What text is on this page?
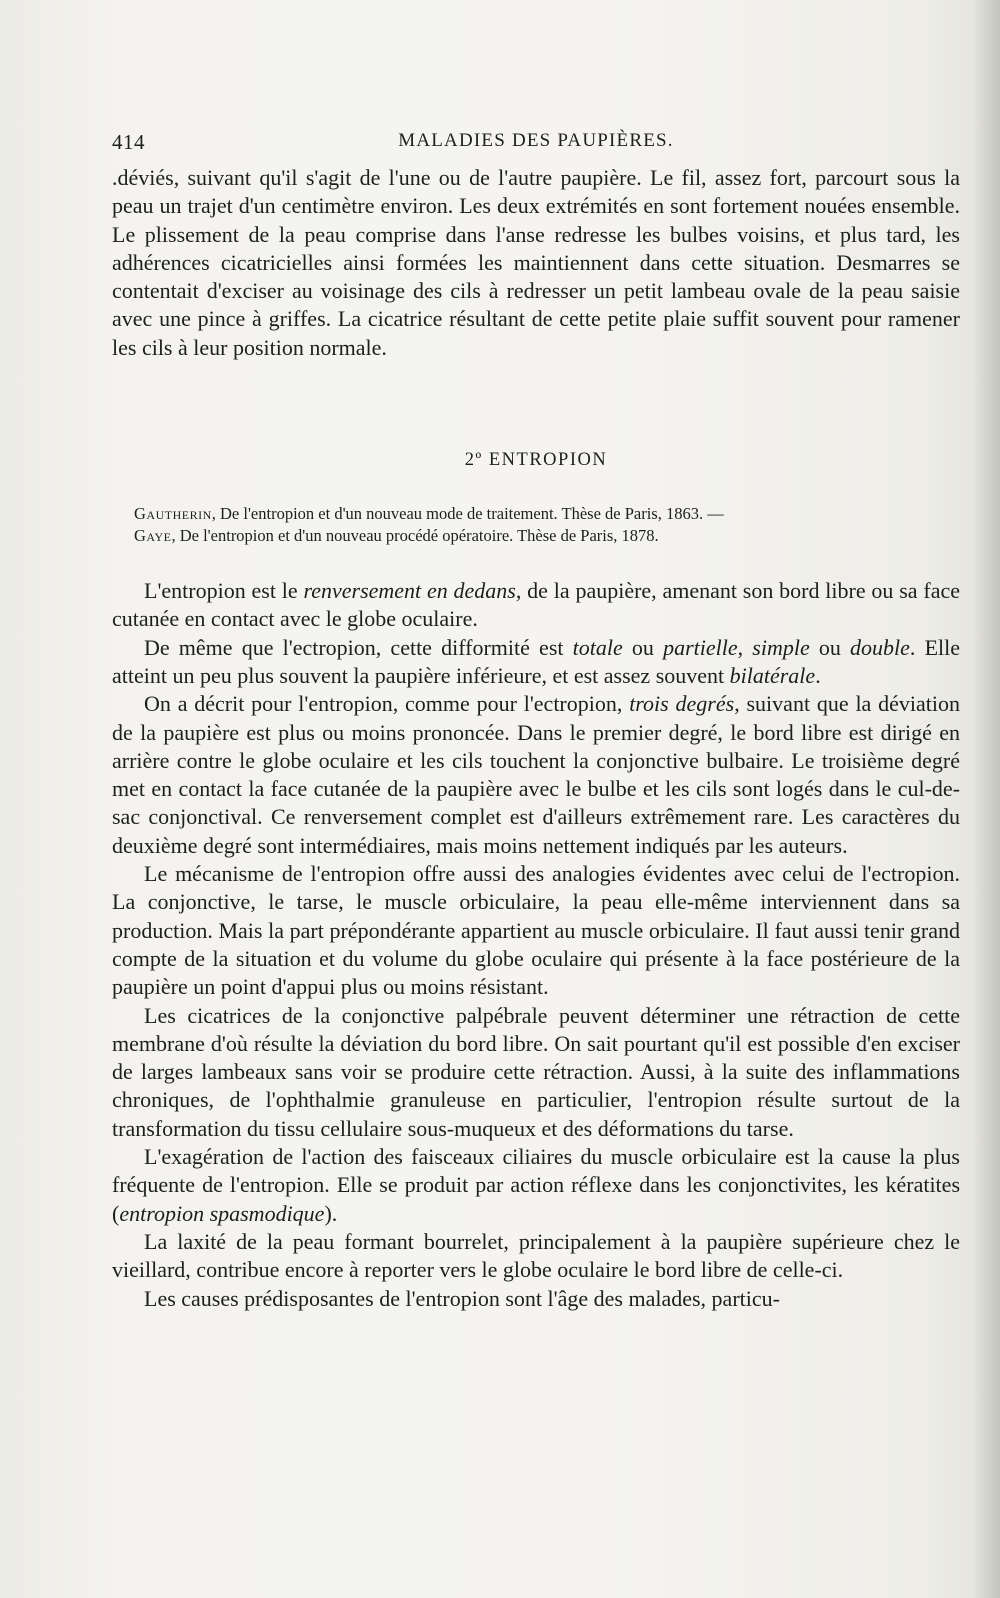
414	MALADIES DES PAUPIÈRES.

.déviés, suivant qu'il s'agit de l'une ou de l'autre paupière. Le fil, assez fort, parcourt sous la peau un trajet d'un centimètre environ. Les deux extrémités en sont fortement nouées ensemble. Le plissement de la peau comprise dans l'anse redresse les bulbes voisins, et plus tard, les adhérences cicatricielles ainsi formées les maintiennent dans cette situation. Desmarres se contentait d'exciser au voisinage des cils à redresser un petit lambeau ovale de la peau saisie avec une pince à griffes. La cicatrice résultant de cette petite plaie suffit souvent pour ramener les cils à leur position normale.

2º ENTROPION
Gautherin, De l'entropion et d'un nouveau mode de traitement. Thèse de Paris, 1863. —
Gaye, De l'entropion et d'un nouveau procédé opératoire. Thèse de Paris, 1878.

L'entropion est le renversement en dedans, de la paupière, amenant son bord libre ou sa face cutanée en contact avec le globe oculaire.

De même que l'ectropion, cette difformité est totale ou partielle, simple ou double. Elle atteint un peu plus souvent la paupière inférieure, et est assez souvent bilatérale.

On a décrit pour l'entropion, comme pour l'ectropion, trois degrés, suivant que la déviation de la paupière est plus ou moins prononcée. Dans le premier degré, le bord libre est dirigé en arrière contre le globe oculaire et les cils touchent la conjonctive bulbaire. Le troisième degré met en contact la face cutanée de la paupière avec le bulbe et les cils sont logés dans le cul-de-sac conjonctival. Ce renversement complet est d'ailleurs extrêmement rare. Les caractères du deuxième degré sont intermédiaires, mais moins nettement indiqués par les auteurs.

Le mécanisme de l'entropion offre aussi des analogies évidentes avec celui de l'ectropion. La conjonctive, le tarse, le muscle orbiculaire, la peau elle-même interviennent dans sa production. Mais la part prépondérante appartient au muscle orbiculaire. Il faut aussi tenir grand compte de la situation et du volume du globe oculaire qui présente à la face postérieure de la paupière un point d'appui plus ou moins résistant.

Les cicatrices de la conjonctive palpébrale peuvent déterminer une rétraction de cette membrane d'où résulte la déviation du bord libre. On sait pourtant qu'il est possible d'en exciser de larges lambeaux sans voir se produire cette rétraction. Aussi, à la suite des inflammations chroniques, de l'ophthalmie granuleuse en particulier, l'entropion résulte surtout de la transformation du tissu cellulaire sous-muqueux et des déformations du tarse.

L'exagération de l'action des faisceaux ciliaires du muscle orbiculaire est la cause la plus fréquente de l'entropion. Elle se produit par action réflexe dans les conjonctivites, les kératites (entropion spasmodique).

La laxité de la peau formant bourrelet, principalement à la paupière supérieure chez le vieillard, contribue encore à reporter vers le globe oculaire le bord libre de celle-ci.

Les causes prédisposantes de l'entropion sont l'âge des malades, particu-
